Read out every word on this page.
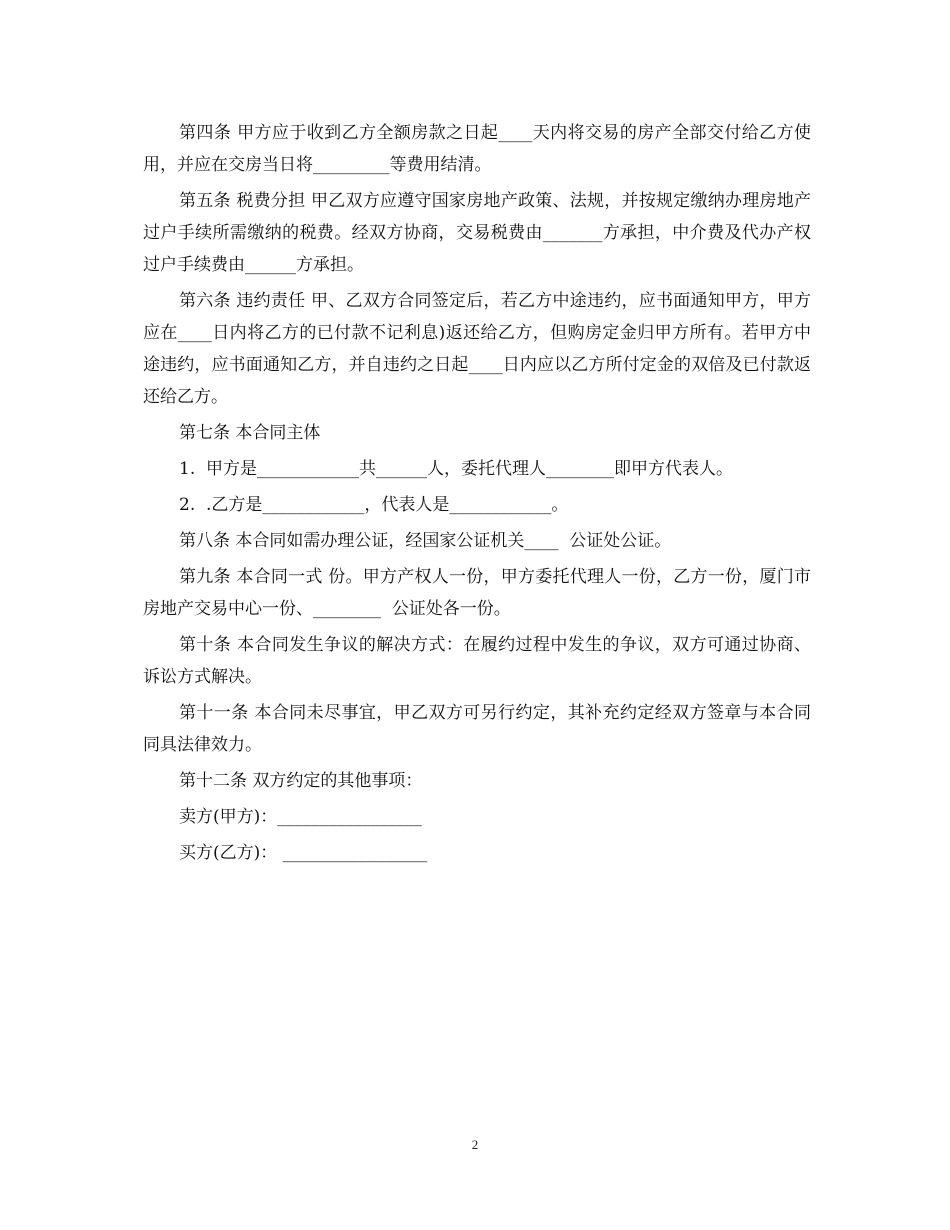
第四条 甲方应于收到乙方全额房款之日起____天内将交易的房产全部交付给乙方使用，并应在交房当日将_________等费用结清。

第五条 税费分担 甲乙双方应遵守国家房地产政策、法规，并按规定缴纳办理房地产过户手续所需缴纳的税费。经双方协商，交易税费由_______方承担，中介费及代办产权过户手续费由______方承担。

第六条 违约责任 甲、乙双方合同签定后，若乙方中途违约，应书面通知甲方，甲方应在____日内将乙方的已付款不记利息)返还给乙方，但购房定金归甲方所有。若甲方中途违约，应书面通知乙方，并自违约之日起____日内应以乙方所付定金的双倍及已付款返还给乙方。

第七条 本合同主体

1.  甲方是____________共______人，委托代理人________即甲方代表人。

2.  .乙方是____________，代表人是____________。

第八条 本合同如需办理公证，经国家公证机关____  公证处公证。

第九条 本合同一式 份。甲方产权人一份，甲方委托代理人一份，乙方一份，厦门市房地产交易中心一份、________  公证处各一份。

第十条 本合同发生争议的解决方式：在履约过程中发生的争议，双方可通过协商、诉讼方式解决。

第十一条 本合同未尽事宜，甲乙双方可另行约定，其补充约定经双方签章与本合同同具法律效力。

第十二条 双方约定的其他事项：

卖方(甲方)：_________________

买方(乙方)： _________________

2
